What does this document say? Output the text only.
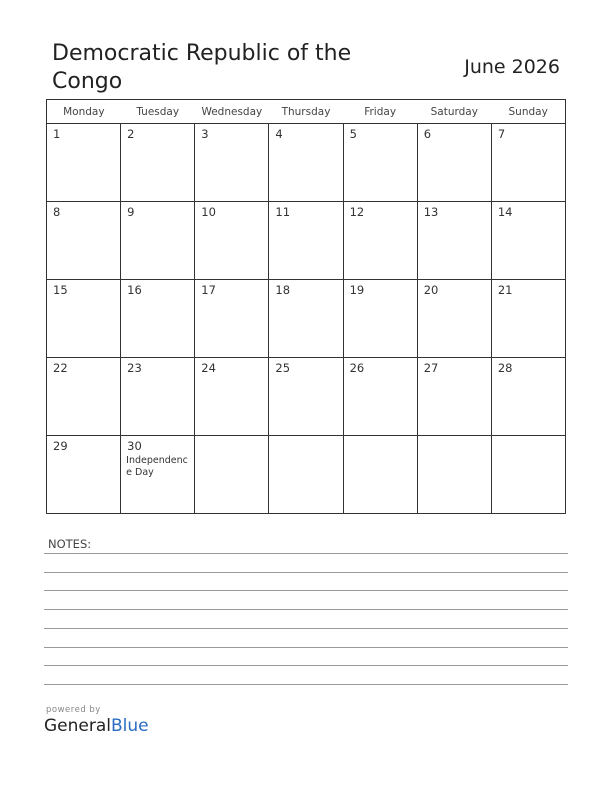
Democratic Republic of the Congo
June 2026
Monday	Tuesday	Wednesday	Thursday	Friday	Saturday	Sunday

1	2	3	4	5	6	7

8	9	10	11	12	13	14

15	16	17	18	19	20	21

22	23	24	25	26	27	28

29	30
Independence Day					

NOTES:
powered by
GeneralBlue
